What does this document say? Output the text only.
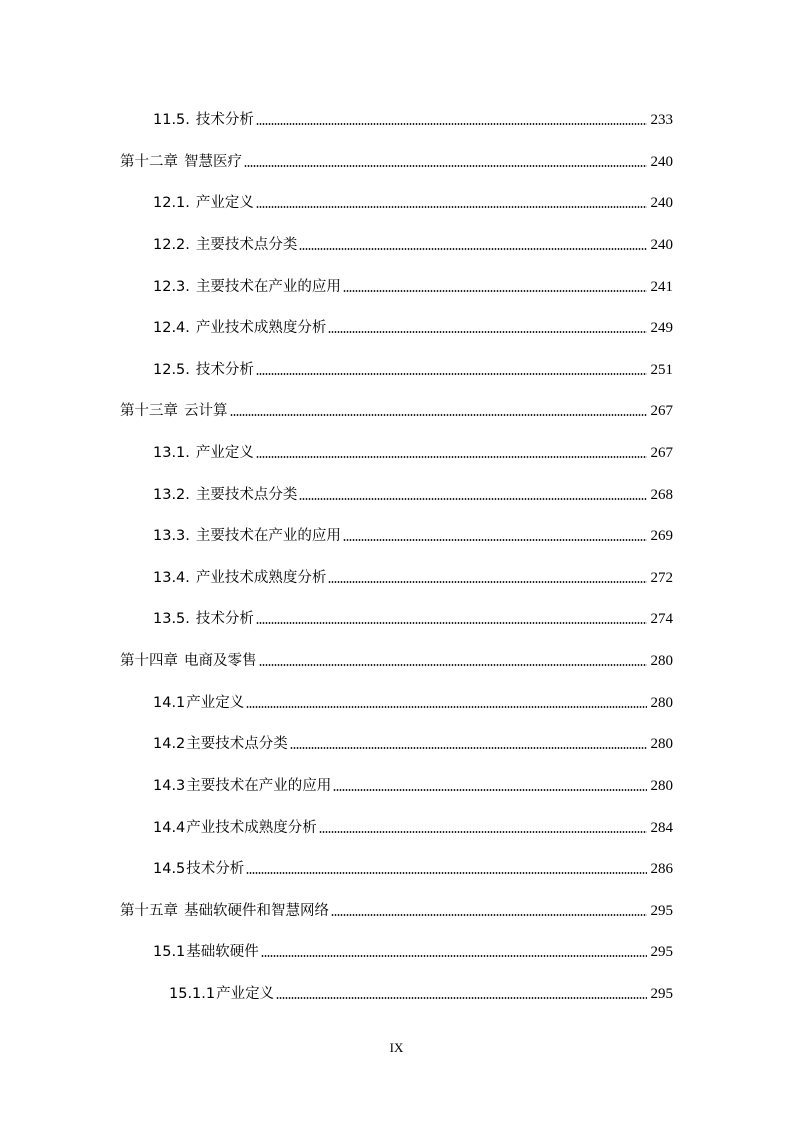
11.5. 技术分析	233
第十二章 智慧医疗	240
12.1. 产业定义	240
12.2. 主要技术点分类	240
12.3. 主要技术在产业的应用	241
12.4. 产业技术成熟度分析	249
12.5. 技术分析	251
第十三章 云计算	267
13.1. 产业定义	267
13.2. 主要技术点分类	268
13.3. 主要技术在产业的应用	269
13.4. 产业技术成熟度分析	272
13.5. 技术分析	274
第十四章 电商及零售	280
14.1产业定义	280
14.2主要技术点分类	280
14.3主要技术在产业的应用	280
14.4产业技术成熟度分析	284
14.5技术分析	286
第十五章 基础软硬件和智慧网络	295
15.1基础软硬件	295
15.1.1产业定义	295
IX
